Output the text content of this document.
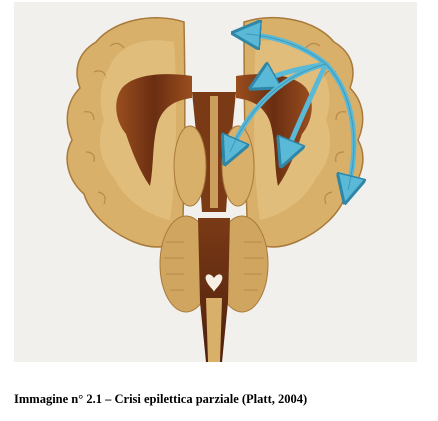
Immagine n° 2.1 – Crisi epilettica parziale (Platt, 2004)
